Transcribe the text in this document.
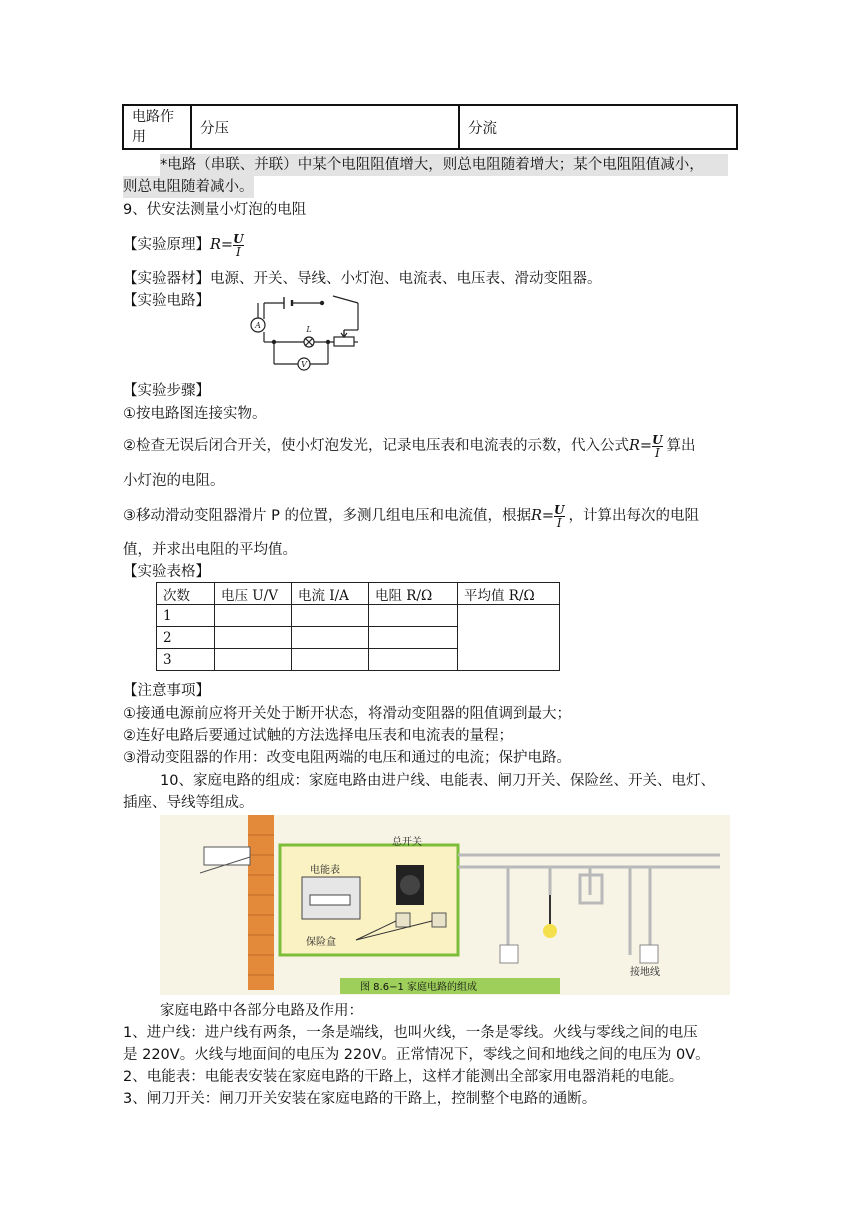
电路作用	分压	分流
*电路（串联、并联）中某个电阻阻值增大，则总电阻随着增大；某个电阻阻值减小，
则总电阻随着减小。
9、伏安法测量小灯泡的电阻
【实验原理】$R= \frac{U}{I}$
【实验器材】电源、开关、导线、小灯泡、电流表、电压表、滑动变阻器。
【实验电路】
A
V
L
【实验步骤】
①按电路图连接实物。
②检查无误后闭合开关，使小灯泡发光，记录电压表和电流表的示数，代入公式$R= \frac{U}{I}$ 算出
小灯泡的电阻。
③移动滑动变阻器滑片 P 的位置，多测几组电压和电流值，根据$R= \frac{U}{I}$ ，计算出每次的电阻
值，并求出电阻的平均值。
【实验表格】
次数	电压 U/V	电流 I/A	电阻 R/Ω	平均值 R/Ω
1				
2				
3				
【注意事项】
①接通电源前应将开关处于断开状态，将滑动变阻器的阻值调到最大；
②连好电路后要通过试触的方法选择电压表和电流表的量程；
③滑动变阻器的作用：改变电阻两端的电压和通过的电流；保护电路。
10、家庭电路的组成：家庭电路由进户线、电能表、闸刀开关、保险丝、开关、电灯、
插座、导线等组成。
电能表
总开关
保险盒
接地线
图 8.6−1 家庭电路的组成
家庭电路中各部分电路及作用：
1、进户线：进户线有两条，一条是端线，也叫火线，一条是零线。火线与零线之间的电压
是 220V。火线与地面间的电压为 220V。正常情况下，零线之间和地线之间的电压为 0V。
2、电能表：电能表安装在家庭电路的干路上，这样才能测出全部家用电器消耗的电能。
3、闸刀开关：闸刀开关安装在家庭电路的干路上，控制整个电路的通断。
